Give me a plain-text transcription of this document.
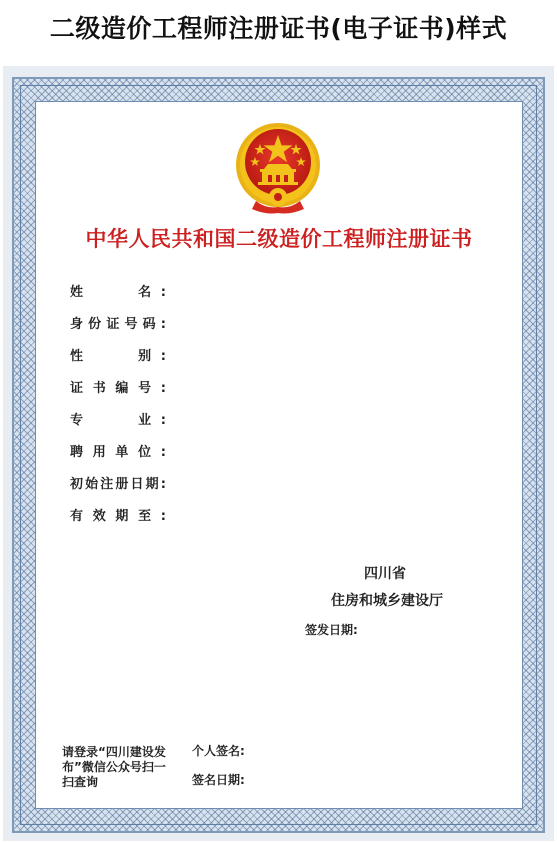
二级造价工程师注册证书(电子证书)样式
中华人民共和国二级造价工程师注册证书
姓　　名:
身份证号码:
性　　别:
证书编号:
专　　业:
聘用单位:
初始注册日期:
有效期至:
四川省
住房和城乡建设厅
签发日期:
请登录“四川建设发布”微信公众号扫一扫查询
个人签名:
签名日期:
